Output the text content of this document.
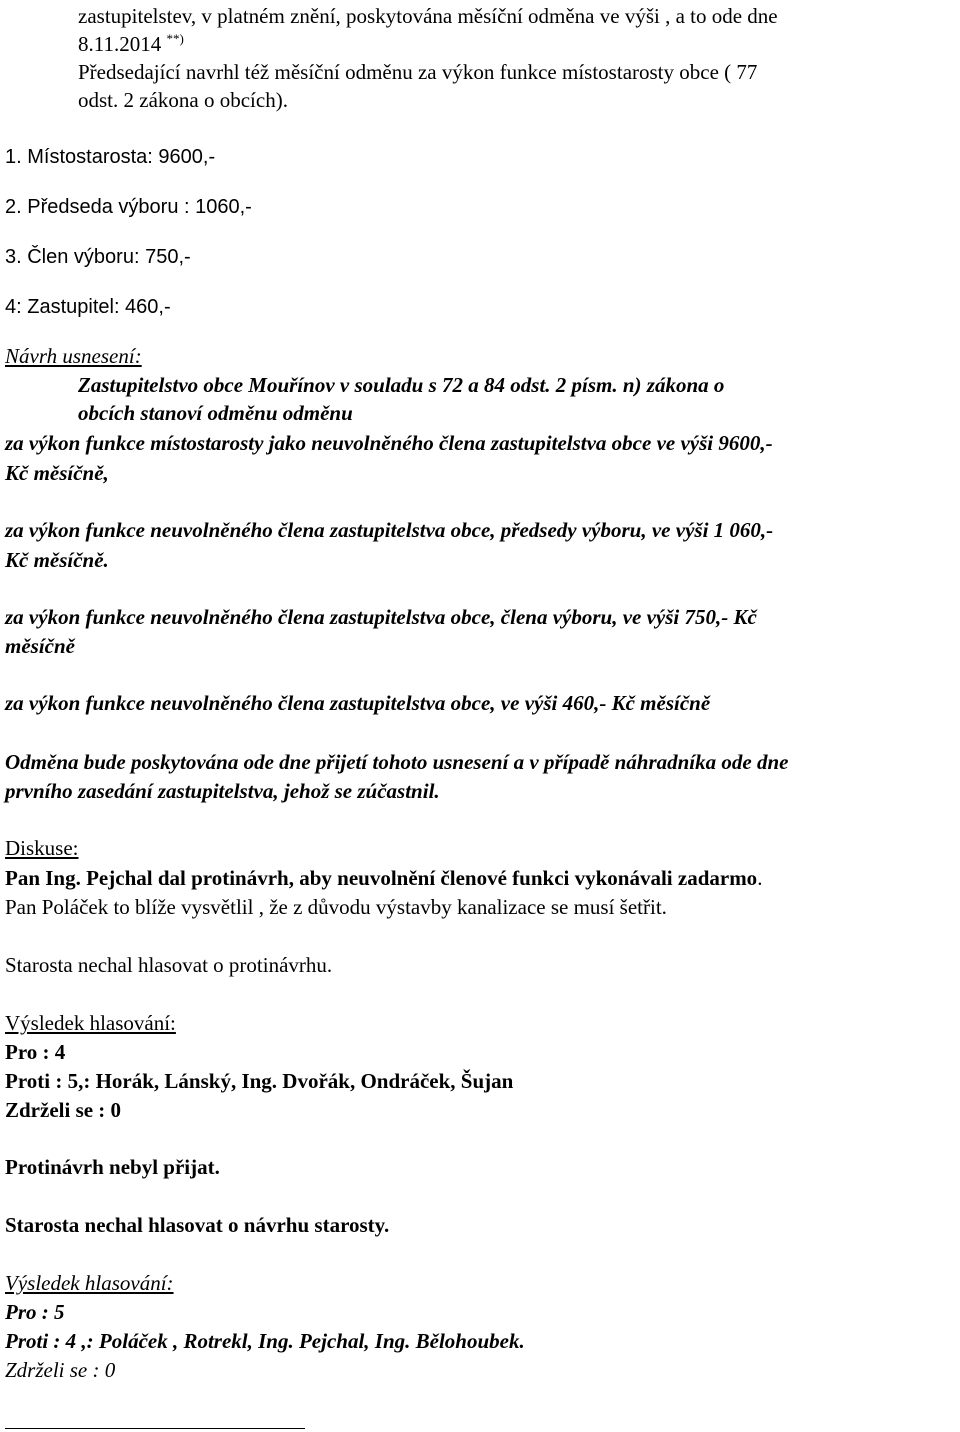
zastupitelstev, v platném znění, poskytována měsíční odměna ve výši , a to ode dne
8.11.2014 **)
Předsedající navrhl též měsíční odměnu za výkon funkce místostarosty obce ( 77
odst. 2 zákona o obcích).
1. Místostarosta: 9600,-
2. Předseda výboru : 1060,-
3. Člen výboru: 750,-
4: Zastupitel: 460,-
Návrh usnesení:
Zastupitelstvo obce Mouřínov v souladu s 72 a 84 odst. 2 písm. n) zákona o
obcích stanoví odměnu odměnu
za výkon funkce místostarosty jako neuvolněného člena zastupitelstva obce ve výši 9600,-
Kč měsíčně,
za výkon funkce neuvolněného člena zastupitelstva obce, předsedy výboru, ve výši 1 060,-
Kč měsíčně.
za výkon funkce neuvolněného člena zastupitelstva obce, člena výboru, ve výši 750,- Kč
měsíčně
za výkon funkce neuvolněného člena zastupitelstva obce, ve výši 460,- Kč měsíčně
Odměna bude poskytována ode dne přijetí tohoto usnesení a v případě náhradníka ode dne
prvního zasedání zastupitelstva, jehož se zúčastnil.
Diskuse:
Pan Ing. Pejchal dal protinávrh, aby neuvolnění členové funkci vykonávali zadarmo.
Pan Poláček to blíže vysvětlil , že z důvodu výstavby kanalizace se musí šetřit.
Starosta nechal hlasovat o protinávrhu.
Výsledek hlasování:
Pro : 4
Proti : 5,: Horák, Lánský, Ing. Dvořák, Ondráček, Šujan
Zdrželi se : 0
Protinávrh nebyl přijat.
Starosta nechal hlasovat o návrhu starosty.
Výsledek hlasování:
Pro : 5
Proti : 4 ,: Poláček , Rotrekl, Ing. Pejchal, Ing. Bělohoubek.
Zdrželi se : 0
